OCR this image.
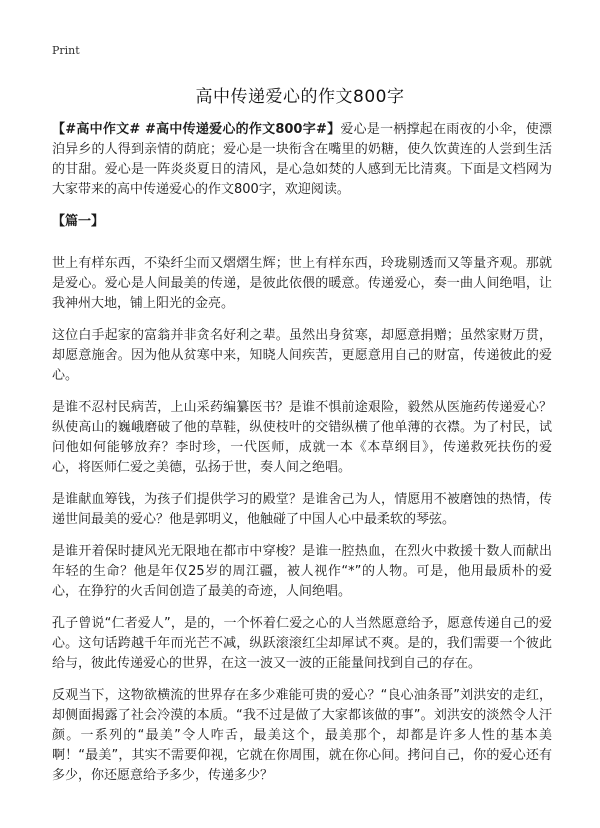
Print
高中传递爱心的作文800字

【#高中作文# #高中传递爱心的作文800字#】爱心是一柄撑起在雨夜的小伞，使漂泊异乡的人得到亲情的荫庇；爱心是一块衔含在嘴里的奶糖，使久饮黄连的人尝到生活的甘甜。爱心是一阵炎炎夏日的清风，是心急如焚的人感到无比清爽。下面是文档网为大家带来的高中传递爱心的作文800字，欢迎阅读。

【篇一】

世上有样东西，不染纤尘而又熠熠生辉；世上有样东西，玲珑剔透而又等量齐观。那就是爱心。爱心是人间最美的传递，是彼此依偎的暖意。传递爱心，奏一曲人间绝唱，让我神州大地，铺上阳光的金亮。

这位白手起家的富翁并非贪名好利之辈。虽然出身贫寒，却愿意捐赠；虽然家财万贯，却愿意施舍。因为他从贫寒中来，知晓人间疾苦，更愿意用自己的财富，传递彼此的爱心。

是谁不忍村民病苦，上山采药编纂医书？是谁不惧前途艰险，毅然从医施药传递爱心？纵使高山的巍峨磨破了他的草鞋，纵使枝叶的交错纵横了他单薄的衣襟。为了村民，试问他如何能够放弃？李时珍，一代医师，成就一本《本草纲目》，传递救死扶伤的爱心，将医师仁爱之美德，弘扬于世，奏人间之绝唱。

是谁献血筹钱，为孩子们提供学习的殿堂？是谁舍己为人，情愿用不被磨蚀的热情，传递世间最美的爱心？他是郭明义，他触碰了中国人心中最柔软的琴弦。

是谁开着保时捷风光无限地在都市中穿梭？是谁一腔热血，在烈火中救援十数人而献出年轻的生命？他是年仅25岁的周江疆，被人视作“*”的人物。可是，他用最质朴的爱心，在狰狞的火舌间创造了最美的奇迹，人间绝唱。

孔子曾说“仁者爱人”，是的，一个怀着仁爱之心的人当然愿意给予，愿意传递自己的爱心。这句话跨越千年而光芒不减，纵跃滚滚红尘却犀试不爽。是的，我们需要一个彼此给与，彼此传递爱心的世界，在这一波又一波的正能量间找到自己的存在。

反观当下，这物欲横流的世界存在多少难能可贵的爱心？“良心油条哥”刘洪安的走红，却侧面揭露了社会冷漠的本质。“我不过是做了大家都该做的事”。刘洪安的淡然令人汗颜。一系列的“最美”令人咋舌，最美这个，最美那个，却都是许多人性的基本美啊！“最美”，其实不需要仰视，它就在你周围，就在你心间。拷问自己，你的爱心还有多少，你还愿意给予多少，传递多少？
